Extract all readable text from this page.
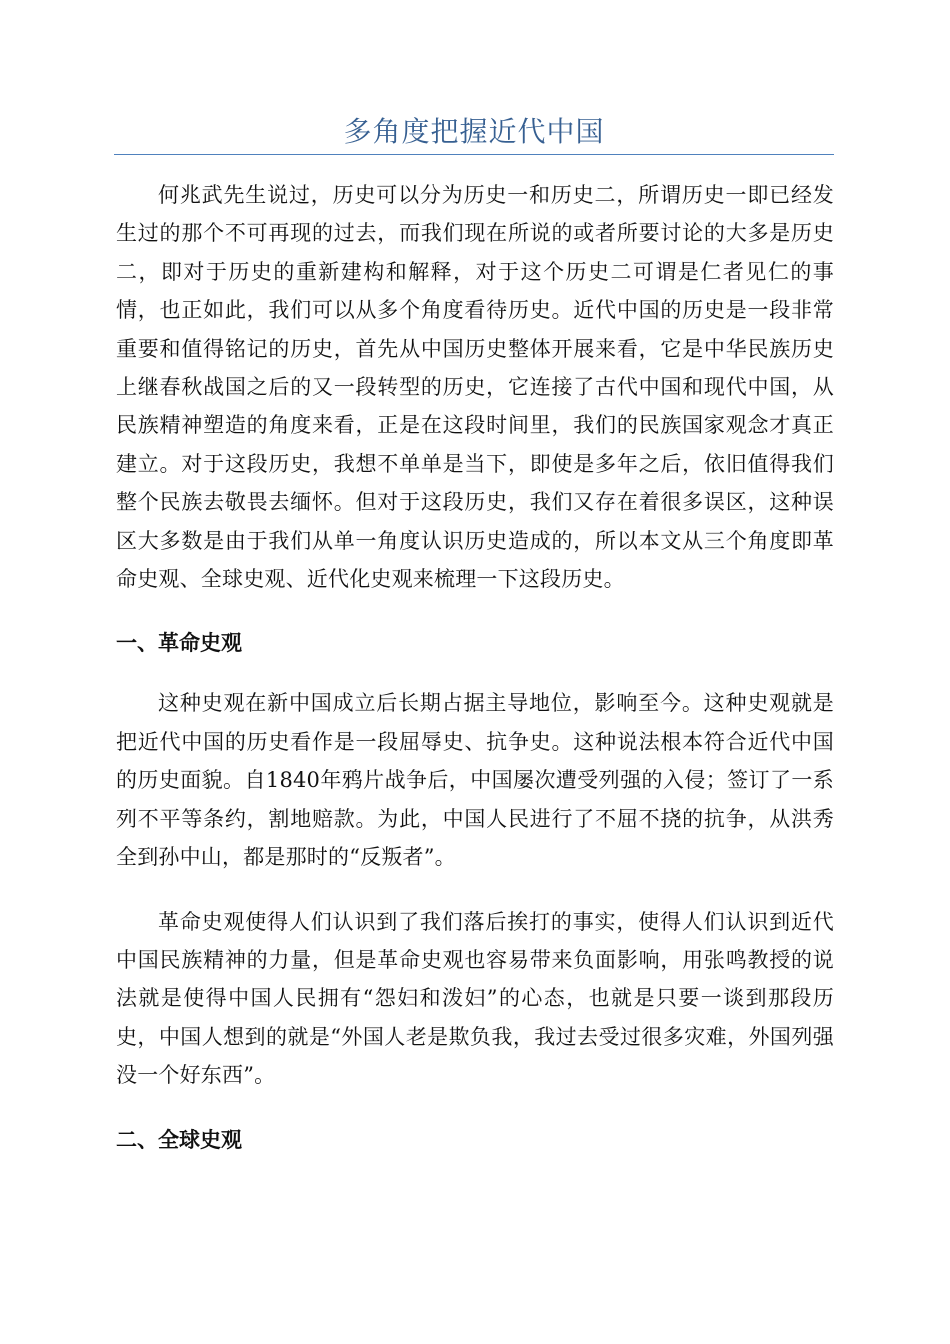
多角度把握近代中国

何兆武先生说过，历史可以分为历史一和历史二，所谓历史一即已经发生过的那个不可再现的过去，而我们现在所说的或者所要讨论的大多是历史二，即对于历史的重新建构和解释，对于这个历史二可谓是仁者见仁的事情，也正如此，我们可以从多个角度看待历史。近代中国的历史是一段非常重要和值得铭记的历史，首先从中国历史整体开展来看，它是中华民族历史上继春秋战国之后的又一段转型的历史，它连接了古代中国和现代中国，从民族精神塑造的角度来看，正是在这段时间里，我们的民族国家观念才真正建立。对于这段历史，我想不单单是当下，即使是多年之后，依旧值得我们整个民族去敬畏去缅怀。但对于这段历史，我们又存在着很多误区，这种误区大多数是由于我们从单一角度认识历史造成的，所以本文从三个角度即革命史观、全球史观、近代化史观来梳理一下这段历史。

一、革命史观

这种史观在新中国成立后长期占据主导地位，影响至今。这种史观就是把近代中国的历史看作是一段屈辱史、抗争史。这种说法根本符合近代中国的历史面貌。自1840年鸦片战争后，中国屡次遭受列强的入侵；签订了一系列不平等条约，割地赔款。为此，中国人民进行了不屈不挠的抗争，从洪秀全到孙中山，都是那时的“反叛者”。

革命史观使得人们认识到了我们落后挨打的事实，使得人们认识到近代中国民族精神的力量，但是革命史观也容易带来负面影响，用张鸣教授的说法就是使得中国人民拥有“怨妇和泼妇”的心态，也就是只要一谈到那段历史，中国人想到的就是“外国人老是欺负我，我过去受过很多灾难，外国列强没一个好东西”。

二、全球史观
